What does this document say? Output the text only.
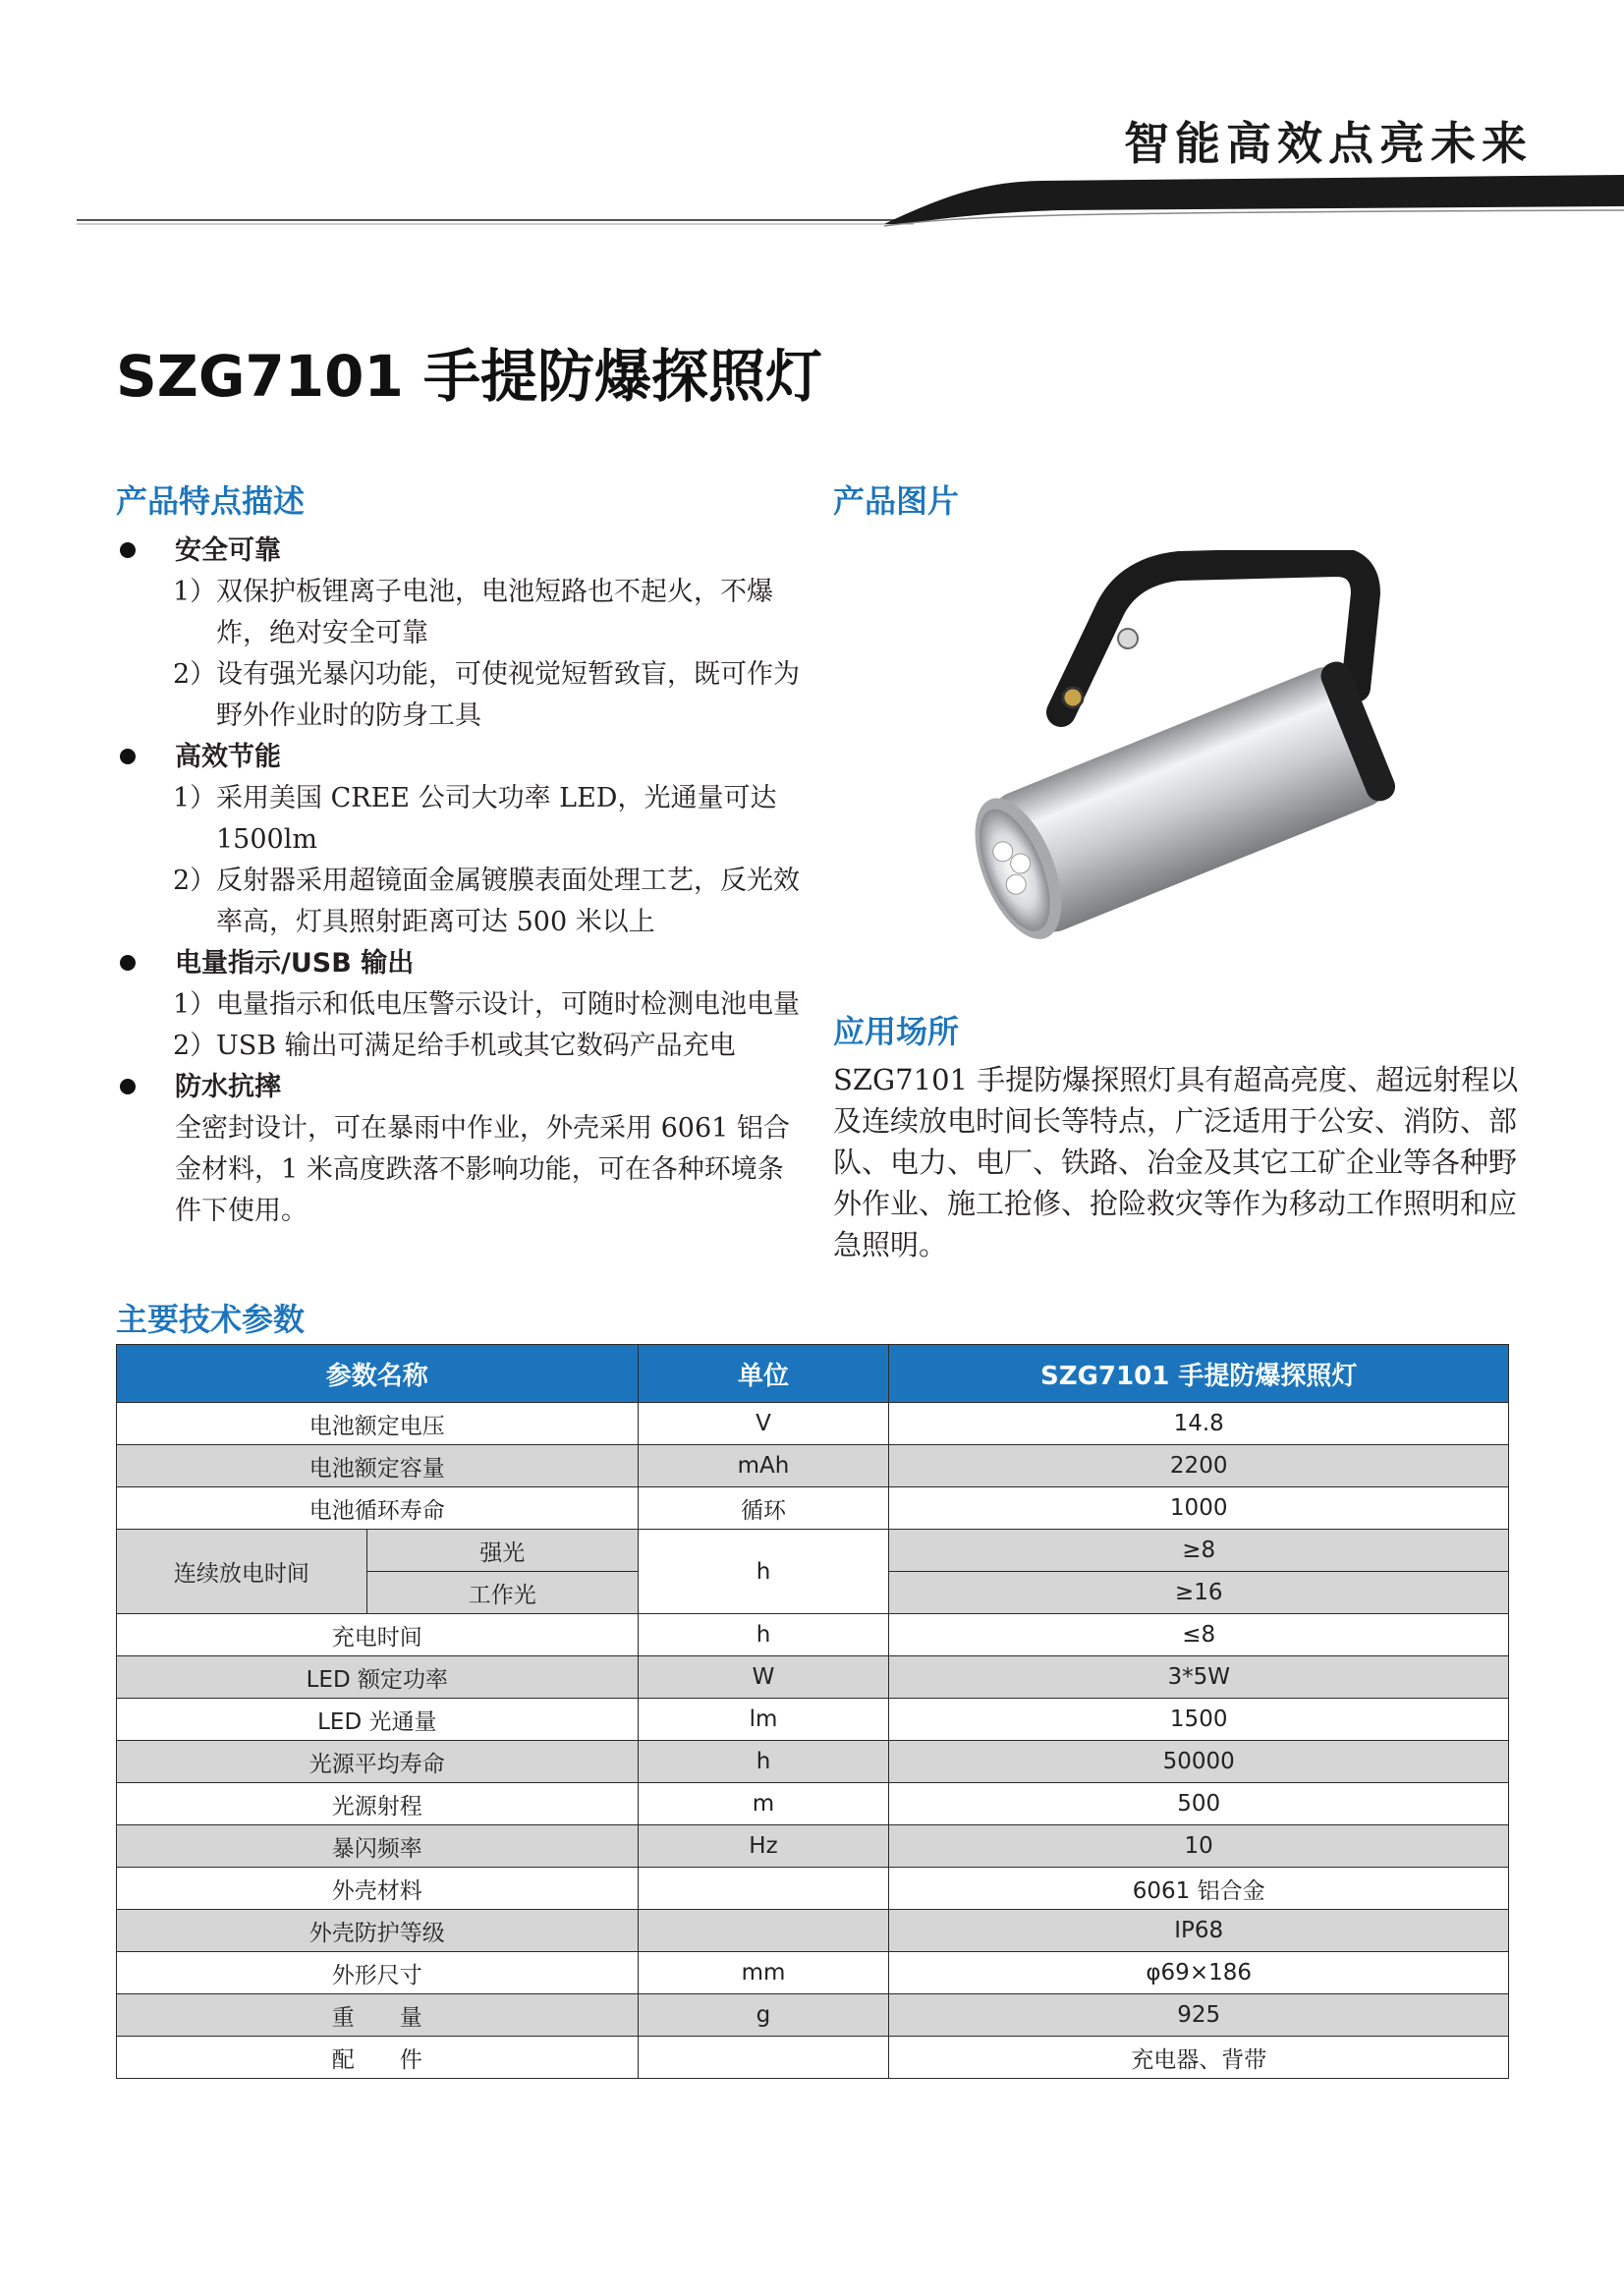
智能高效点亮未来
SZG7101 手提防爆探照灯
产品特点描述
安全可靠
1） 双保护板锂离子电池，电池短路也不起火，不爆炸，绝对安全可靠
2） 设有强光暴闪功能，可使视觉短暂致盲，既可作为野外作业时的防身工具
高效节能
1） 采用美国 CREE 公司大功率 LED，光通量可达 1500lm
2） 反射器采用超镜面金属镀膜表面处理工艺，反光效率高，灯具照射距离可达 500 米以上
电量指示/USB 输出
1） 电量指示和低电压警示设计，可随时检测电池电量
2） USB 输出可满足给手机或其它数码产品充电
防水抗摔
全密封设计，可在暴雨中作业，外壳采用 6061 铝合金材料，1 米高度跌落不影响功能，可在各种环境条件下使用。
产品图片
应用场所
SZG7101 手提防爆探照灯具有超高亮度、超远射程以及连续放电时间长等特点，广泛适用于公安、消防、部队、电力、电厂、铁路、冶金及其它工矿企业等各种野外作业、施工抢修、抢险救灾等作为移动工作照明和应急照明。
主要技术参数
参数名称		单位	SZG7101 手提防爆探照灯
电池额定电压		V	14.8
电池额定容量		mAh	2200
电池循环寿命		循环	1000
连续放电时间	强光	h	≥8
	工作光		≥16
充电时间		h	≤8
LED 额定功率		W	3*5W
LED 光通量		lm	1500
光源平均寿命		h	50000
光源射程		m	500
暴闪频率		Hz	10
外壳材料			6061 铝合金
外壳防护等级			IP68
外形尺寸		mm	φ69×186
重　　量		g	925
配　　件			充电器、背带
